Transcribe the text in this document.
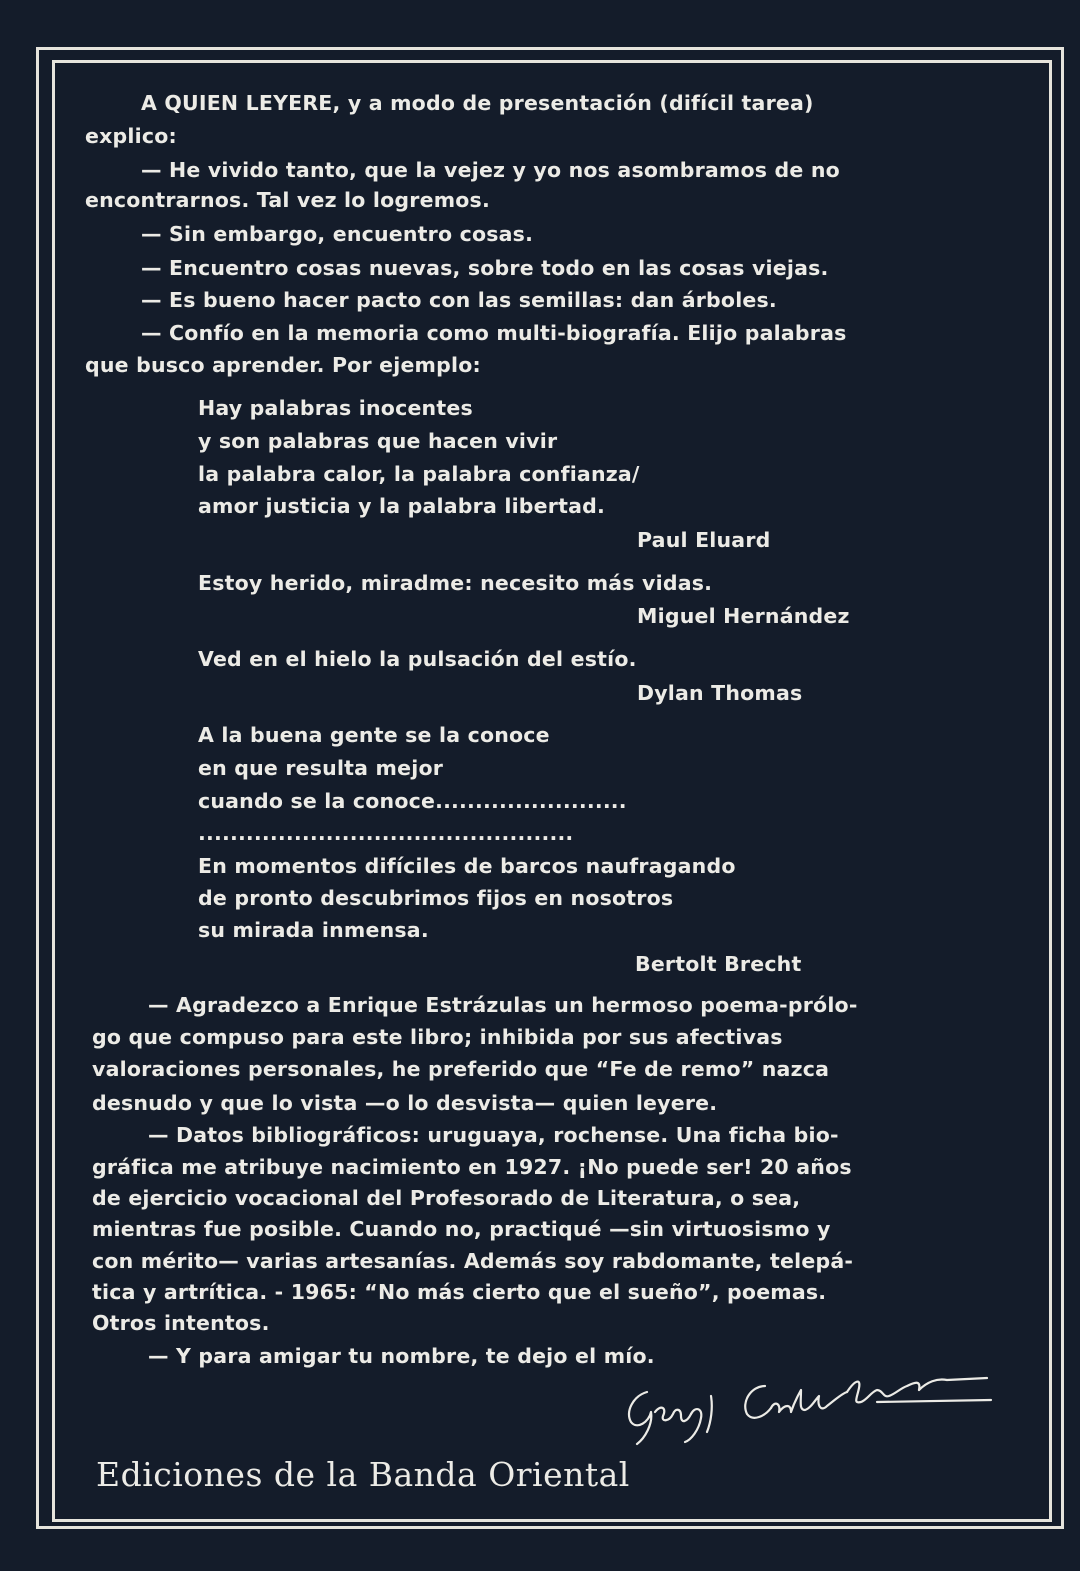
A QUIEN LEYERE, y a modo de presentación (difícil tarea)
explico:
— He vivido tanto, que la vejez y yo nos asombramos de no
encontrarnos. Tal vez lo logremos.
— Sin embargo, encuentro cosas.
— Encuentro cosas nuevas, sobre todo en las cosas viejas.
— Es bueno hacer pacto con las semillas: dan árboles.
— Confío en la memoria como multi-biografía. Elijo palabras
que busco aprender. Por ejemplo:
Hay palabras inocentes
y son palabras que hacen vivir
la palabra calor, la palabra confianza/
amor justicia y la palabra libertad.
Paul Eluard
Estoy herido, miradme: necesito más vidas.
Miguel Hernández
Ved en el hielo la pulsación del estío.
Dylan Thomas
A la buena gente se la conoce
en que resulta mejor
cuando se la conoce........................
...............................................
En momentos difíciles de barcos naufragando
de pronto descubrimos fijos en nosotros
su mirada inmensa.
Bertolt Brecht
— Agradezco a Enrique Estrázulas un hermoso poema-prólo-
go que compuso para este libro; inhibida por sus afectivas
valoraciones personales, he preferido que “Fe de remo” nazca
desnudo y que lo vista —o lo desvista— quien leyere.
— Datos bibliográficos: uruguaya, rochense. Una ficha bio-
gráfica me atribuye nacimiento en 1927. ¡No puede ser! 20 años
de ejercicio vocacional del Profesorado de Literatura, o sea,
mientras fue posible. Cuando no, practiqué —sin virtuosismo y
con mérito— varias artesanías. Además soy rabdomante, telepá-
tica y artrítica. - 1965: “No más cierto que el sueño”, poemas.
Otros intentos.
— Y para amigar tu nombre, te dejo el mío.
Ediciones de la Banda Oriental
